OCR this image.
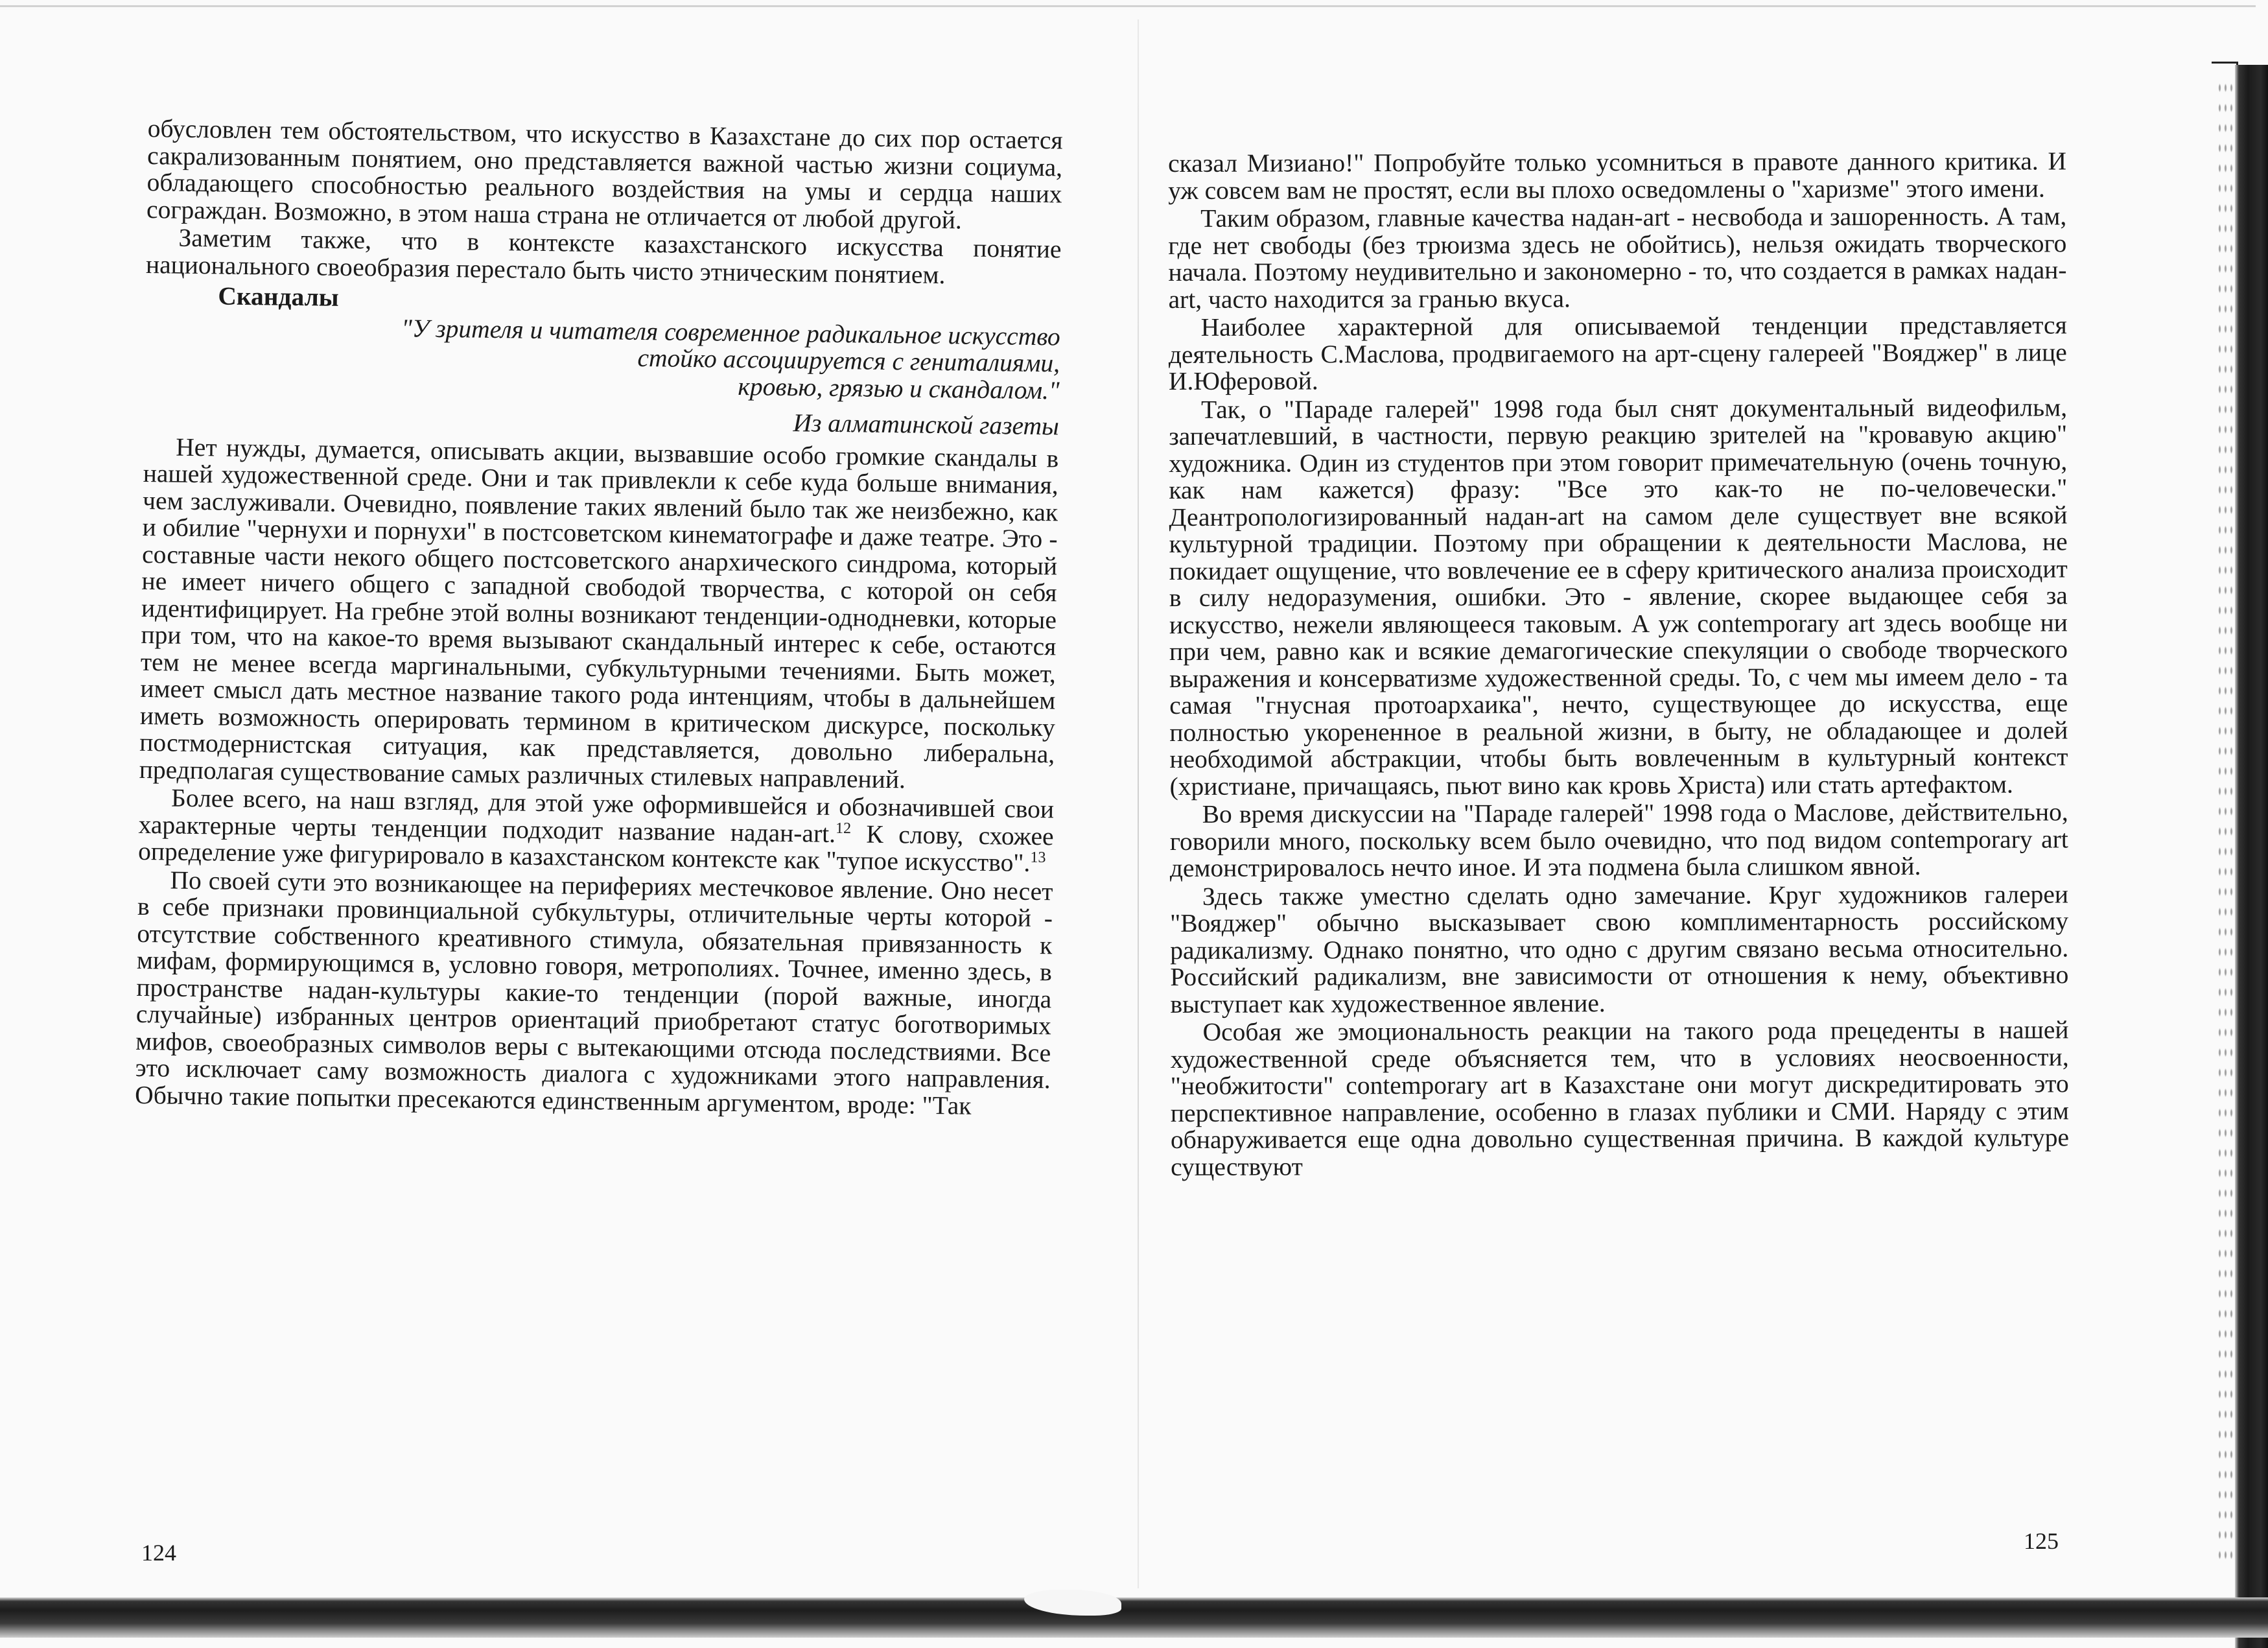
обусловлен тем обстоятельством, что искусство в Казахстане до сих пор остается сакрализованным понятием, оно представляется важной частью жизни социума, обладающего способностью реального воздействия на умы и сердца наших сограждан. Возможно, в этом наша страна не отличается от любой другой.

Заметим также, что в контексте казахстанского искусства понятие национального своеобразия перестало быть чисто этническим понятием.

Скандалы

"У зрителя и читателя современное радикальное искусство
стойко ассоциируется с гениталиями,
кровью, грязью и скандалом."
Из алматинской газеты

Нет нужды, думается, описывать акции, вызвавшие особо громкие скандалы в нашей художественной среде. Они и так привлекли к себе куда больше внимания, чем заслуживали. Очевидно, появление таких явлений было так же неизбежно, как и обилие "чернухи и порнухи" в постсоветском кинематографе и даже театре. Это - составные части некого общего постсоветского анархического синдрома, который не имеет ничего общего с западной свободой творчества, с которой он себя идентифицирует. На гребне этой волны возникают тенденции-однодневки, которые при том, что на какое-то время вызывают скандальный интерес к себе, остаются тем не менее всегда маргинальными, субкультурными течениями. Быть может, имеет смысл дать местное название такого рода интенциям, чтобы в дальнейшем иметь возможность оперировать термином в критическом дискурсе, поскольку постмодернистская ситуация, как представляется, довольно либеральна, предполагая существование самых различных стилевых направлений.

Более всего, на наш взгляд, для этой уже оформившейся и обозначившей свои характерные черты тенденции подходит название надан-art.$^{12}$ К слову, схожее определение уже фигурировало в казахстанском контексте как "тупое искусство".$^{13}$

По своей сути это возникающее на перифериях местечковое явление. Оно несет в себе признаки провинциальной субкультуры, отличительные черты которой - отсутствие собственного креативного стимула, обязательная привязанность к мифам, формирующимся в, условно говоря, метрополиях. Точнее, именно здесь, в пространстве надан-культуры какие-то тенденции (порой важные, иногда случайные) избранных центров ориентаций приобретают статус боготворимых мифов, своеобразных символов веры с вытекающими отсюда последствиями. Все это исключает саму возможность диалога с художниками этого направления. Обычно такие попытки пресекаются единственным аргументом, вроде: "Так

124

сказал Мизиано!" Попробуйте только усомниться в правоте данного критика. И уж совсем вам не простят, если вы плохо осведомлены о "харизме" этого имени.

Таким образом, главные качества надан-art - несвобода и зашоренность. А там, где нет свободы (без трюизма здесь не обойтись), нельзя ожидать творческого начала. Поэтому неудивительно и закономерно - то, что создается в рамках надан-art, часто находится за гранью вкуса.

Наиболее характерной для описываемой тенденции представляется деятельность С.Маслова, продвигаемого на арт-сцену галереей "Вояджер" в лице И.Юферовой.

Так, о "Параде галерей" 1998 года был снят документальный видеофильм, запечатлевший, в частности, первую реакцию зрителей на "кровавую акцию" художника. Один из студентов при этом говорит примечательную (очень точную, как нам кажется) фразу: "Все это как-то не по-человечески." Деантропологизированный надан-art на самом деле существует вне всякой культурной традиции. Поэтому при обращении к деятельности Маслова, не покидает ощущение, что вовлечение ее в сферу критического анализа происходит в силу недоразумения, ошибки. Это - явление, скорее выдающее себя за искусство, нежели являющееся таковым. А уж contemporary art здесь вообще ни при чем, равно как и всякие демагогические спекуляции о свободе творческого выражения и консерватизме художественной среды. То, с чем мы имеем дело - та самая "гнусная протоархаика", нечто, существующее до искусства, еще полностью укорененное в реальной жизни, в быту, не обладающее и долей необходимой абстракции, чтобы быть вовлеченным в культурный контекст (христиане, причащаясь, пьют вино как кровь Христа) или стать артефактом.

Во время дискуссии на "Параде галерей" 1998 года о Маслове, действительно, говорили много, поскольку всем было очевидно, что под видом contemporary art демонстрировалось нечто иное. И эта подмена была слишком явной.

Здесь также уместно сделать одно замечание. Круг художников галереи "Вояджер" обычно высказывает свою комплиментарность российскому радикализму. Однако понятно, что одно с другим связано весьма относительно. Российский радикализм, вне зависимости от отношения к нему, объективно выступает как художественное явление.

Особая же эмоциональность реакции на такого рода прецеденты в нашей художественной среде объясняется тем, что в условиях неосвоенности, "необжитости" contemporary art в Казахстане они могут дискредитировать это перспективное направление, особенно в глазах публики и СМИ. Наряду с этим обнаруживается еще одна довольно существенная причина. В каждой культуре существуют

125
